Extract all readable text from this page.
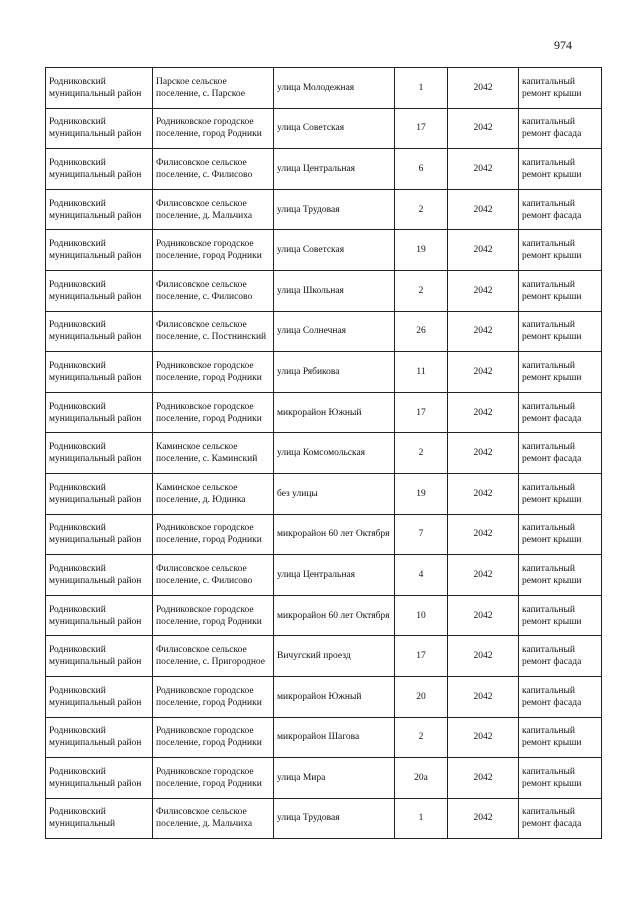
974
Родниковский муниципальный район	Парское сельское поселение, с. Парское	улица Молодежная	1	2042	капитальный ремонт крыши
Родниковский муниципальный район	Родниковское городское поселение, город Родники	улица Советская	17	2042	капитальный ремонт фасада
Родниковский муниципальный район	Филисовское сельское поселение, с. Филисово	улица Центральная	6	2042	капитальный ремонт крыши
Родниковский муниципальный район	Филисовское сельское поселение, д. Мальчиха	улица Трудовая	2	2042	капитальный ремонт фасада
Родниковский муниципальный район	Родниковское городское поселение, город Родники	улица Советская	19	2042	капитальный ремонт крыши
Родниковский муниципальный район	Филисовское сельское поселение, с. Филисово	улица Школьная	2	2042	капитальный ремонт крыши
Родниковский муниципальный район	Филисовское сельское поселение, с. Постнинский	улица Солнечная	26	2042	капитальный ремонт крыши
Родниковский муниципальный район	Родниковское городское поселение, город Родники	улица Рябикова	11	2042	капитальный ремонт крыши
Родниковский муниципальный район	Родниковское городское поселение, город Родники	микрорайон Южный	17	2042	капитальный ремонт фасада
Родниковский муниципальный район	Каминское сельское поселение, с. Каминский	улица Комсомольская	2	2042	капитальный ремонт фасада
Родниковский муниципальный район	Каминское сельское поселение, д. Юдинка	без улицы	19	2042	капитальный ремонт крыши
Родниковский муниципальный район	Родниковское городское поселение, город Родники	микрорайон 60 лет Октября	7	2042	капитальный ремонт крыши
Родниковский муниципальный район	Филисовское сельское поселение, с. Филисово	улица Центральная	4	2042	капитальный ремонт крыши
Родниковский муниципальный район	Родниковское городское поселение, город Родники	микрорайон 60 лет Октября	10	2042	капитальный ремонт крыши
Родниковский муниципальный район	Филисовское сельское поселение, с. Пригородное	Вичугский проезд	17	2042	капитальный ремонт фасада
Родниковский муниципальный район	Родниковское городское поселение, город Родники	микрорайон Южный	20	2042	капитальный ремонт фасада
Родниковский муниципальный район	Родниковское городское поселение, город Родники	микрорайон Шагова	2	2042	капитальный ремонт крыши
Родниковский муниципальный район	Родниковское городское поселение, город Родники	улица Мира	20а	2042	капитальный ремонт крыши
Родниковский муниципальный	Филисовское сельское поселение, д. Мальчиха	улица Трудовая	1	2042	капитальный ремонт фасада
